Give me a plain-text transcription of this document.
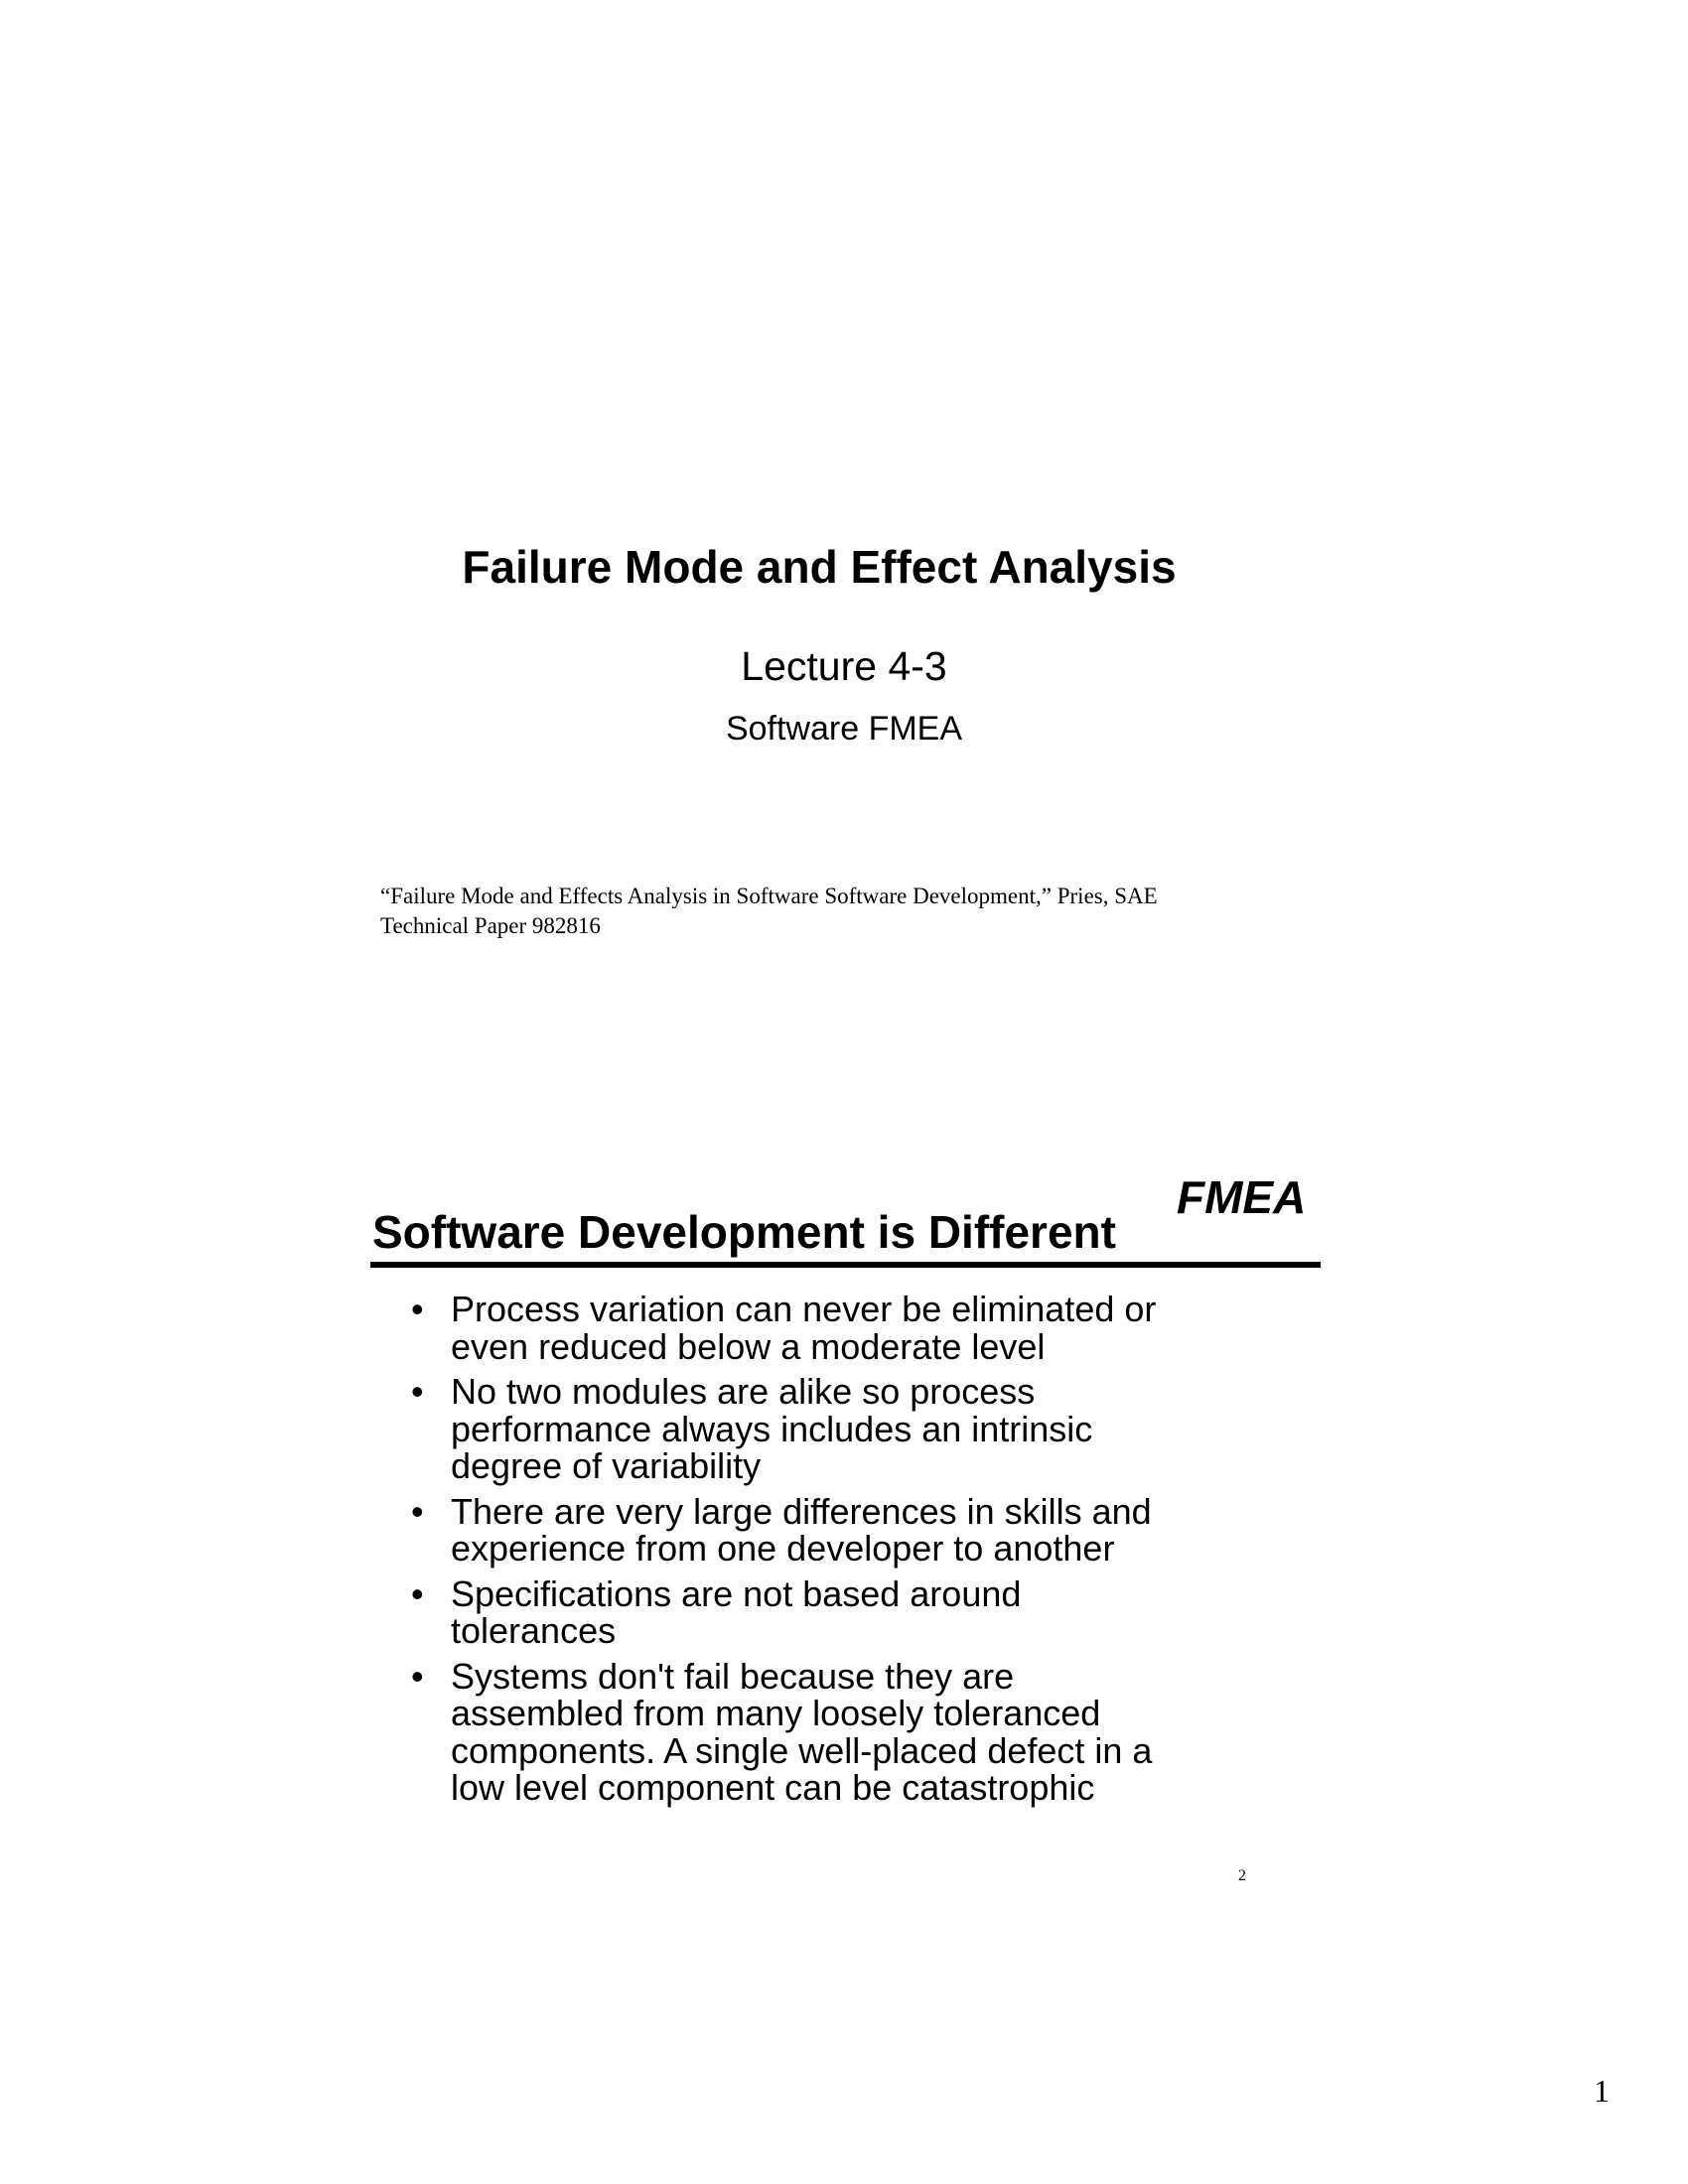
Failure Mode and Effect Analysis
Lecture 4-3
Software FMEA
“Failure Mode and Effects Analysis in Software Software Development,” Pries, SAE
Technical Paper 982816
FMEA
Software Development is Different
• Process variation can never be eliminated or
even reduced below a moderate level
• No two modules are alike so process
performance always includes an intrinsic
degree of variability
• There are very large differences in skills and
experience from one developer to another
• Specifications are not based around
tolerances
• Systems don't fail because they are
assembled from many loosely toleranced
components. A single well-placed defect in a
low level component can be catastrophic
2
1
